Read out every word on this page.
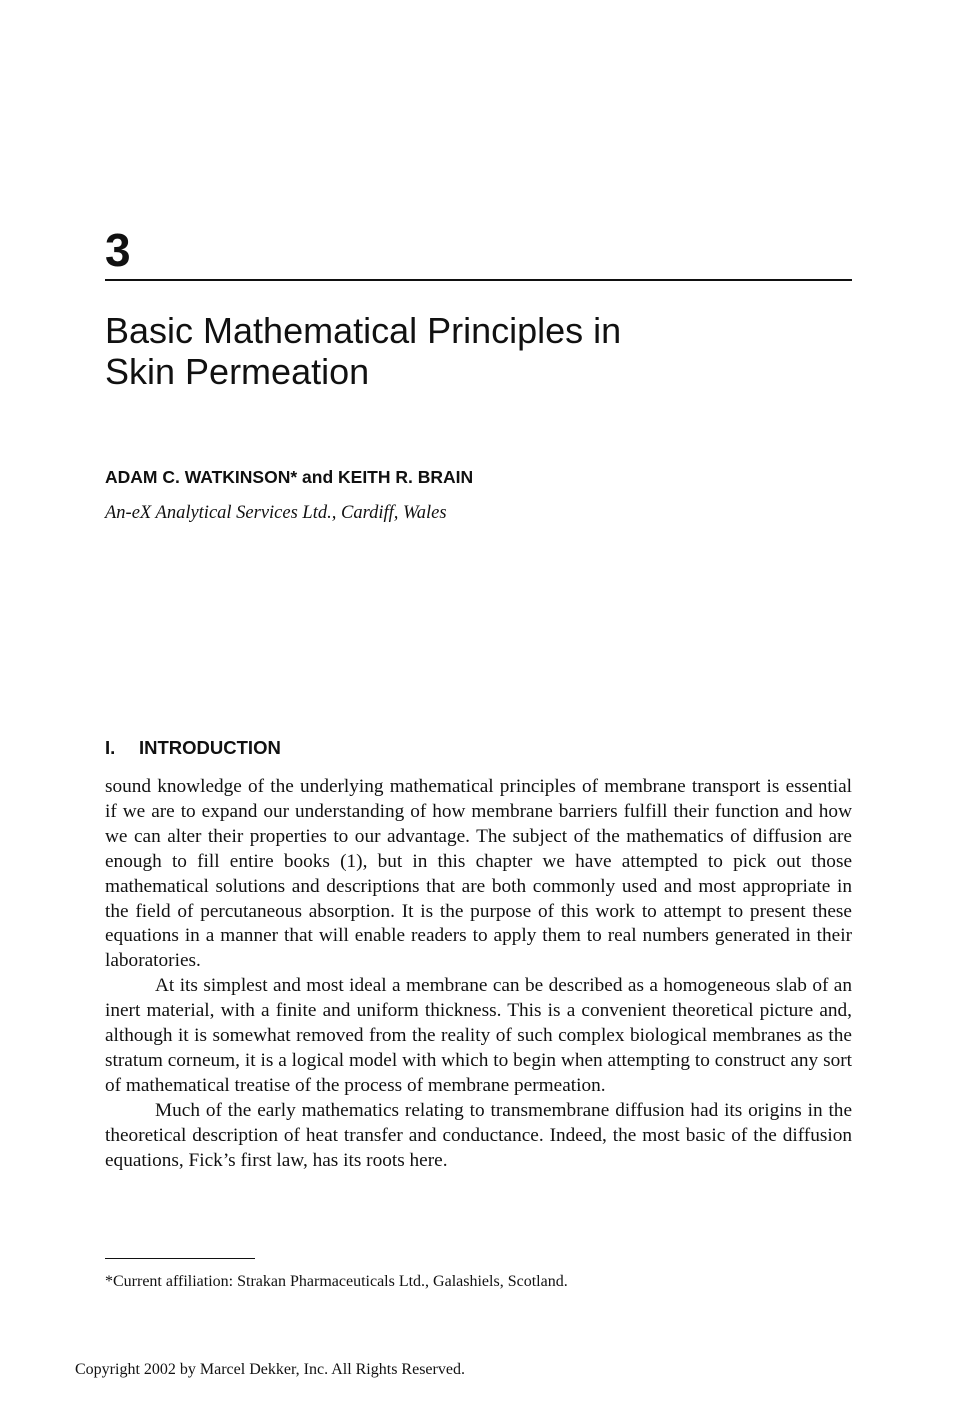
3
Basic Mathematical Principles in
Skin Permeation
ADAM C. WATKINSON* and KEITH R. BRAIN
An-eX Analytical Services Ltd., Cardiff, Wales
I. INTRODUCTION

sound knowledge of the underlying mathematical principles of membrane transport is essential if we are to expand our understanding of how membrane barriers fulfill their function and how we can alter their properties to our advantage. The subject of the mathematics of diffusion are enough to fill entire books (1), but in this chapter we have attempted to pick out those mathematical solutions and descriptions that are both commonly used and most appropriate in the field of percutaneous absorption. It is the purpose of this work to attempt to present these equations in a manner that will enable readers to apply them to real numbers generated in their laboratories.

At its simplest and most ideal a membrane can be described as a homogeneous slab of an inert material, with a finite and uniform thickness. This is a convenient theoretical picture and, although it is somewhat removed from the reality of such complex biological membranes as the stratum corneum, it is a logical model with which to begin when attempting to construct any sort of mathematical treatise of the process of membrane permeation.

Much of the early mathematics relating to transmembrane diffusion had its origins in the theoretical description of heat transfer and conductance. Indeed, the most basic of the diffusion equations, Fick’s first law, has its roots here.

*Current affiliation: Strakan Pharmaceuticals Ltd., Galashiels, Scotland.
Copyright 2002 by Marcel Dekker, Inc. All Rights Reserved.
